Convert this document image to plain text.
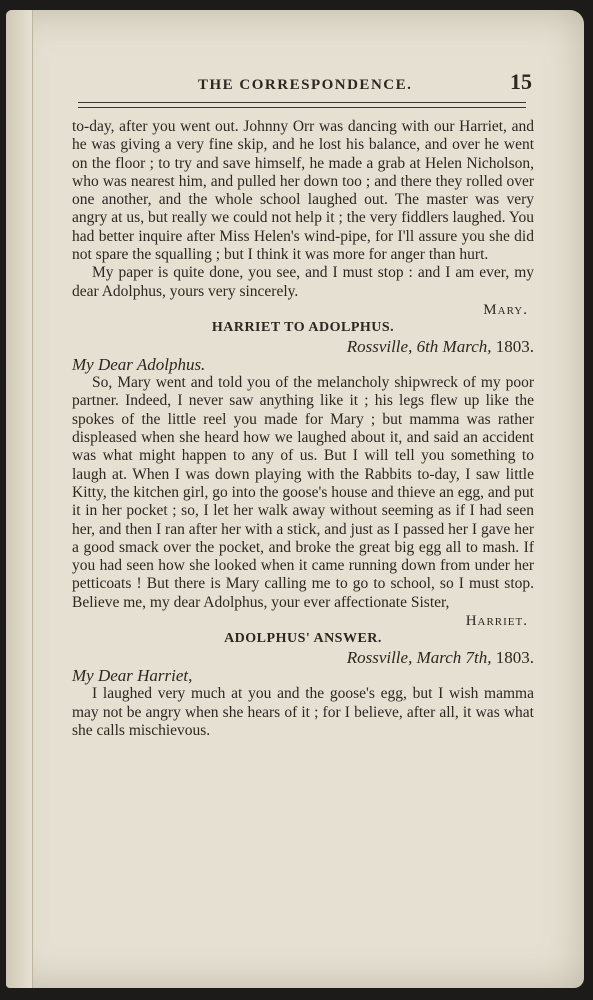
THE CORRESPONDENCE.	15

to-day, after you went out. Johnny Orr was dancing with our Harriet, and he was giving a very fine skip, and he lost his balance, and over he went on the floor ; to try and save himself, he made a grab at Helen Nicholson, who was nearest him, and pulled her down too ; and there they rolled over one another, and the whole school laughed out. The master was very angry at us, but really we could not help it ; the very fiddlers laughed. You had better inquire after Miss Helen's wind-pipe, for I'll assure you she did not spare the squalling ; but I think it was more for anger than hurt.

My paper is quite done, you see, and I must stop : and I am ever, my dear Adolphus, yours very sincerely.

Mary.

HARRIET TO ADOLPHUS.

Rossville, 6th March, 1803.

My Dear Adolphus.

So, Mary went and told you of the melancholy shipwreck of my poor partner. Indeed, I never saw anything like it ; his legs flew up like the spokes of the little reel you made for Mary ; but mamma was rather displeased when she heard how we laughed about it, and said an accident was what might happen to any of us. But I will tell you something to laugh at. When I was down playing with the Rabbits to-day, I saw little Kitty, the kitchen girl, go into the goose's house and thieve an egg, and put it in her pocket ; so, I let her walk away without seeming as if I had seen her, and then I ran after her with a stick, and just as I passed her I gave her a good smack over the pocket, and broke the great big egg all to mash. If you had seen how she looked when it came running down from under her petticoats ! But there is Mary calling me to go to school, so I must stop. Believe me, my dear Adolphus, your ever affectionate Sister,

Harriet.

ADOLPHUS' ANSWER.

Rossville, March 7th, 1803.

My Dear Harriet,

I laughed very much at you and the goose's egg, but I wish mamma may not be angry when she hears of it ; for I believe, after all, it was what she calls mischievous.
